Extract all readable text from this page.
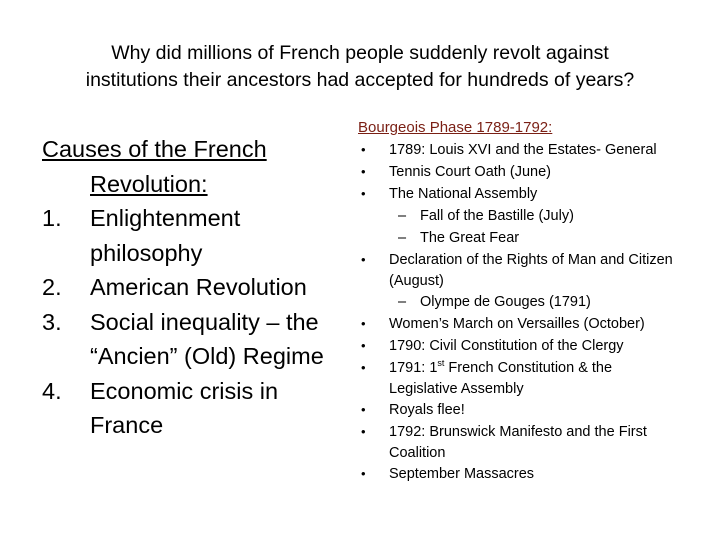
Why did millions of French people suddenly revolt against
institutions their ancestors had accepted for hundreds of years?
Causes of the French
Revolution:
1. Enlightenment
philosophy
2. American Revolution
3. Social inequality – the
“Ancien” (Old) Regime
4. Economic crisis in
France
Bourgeois Phase 1789-1792:
• 1789: Louis XVI and the Estates- General
• Tennis Court Oath (June)
• The National Assembly
– Fall of the Bastille (July)
– The Great Fear
• Declaration of the Rights of Man and Citizen
(August)
– Olympe de Gouges (1791)
• Women’s March on Versailles (October)
• 1790: Civil Constitution of the Clergy
• 1791: 1st French Constitution & the
Legislative Assembly
• Royals flee!
• 1792: Brunswick Manifesto and the First
Coalition
• September Massacres
